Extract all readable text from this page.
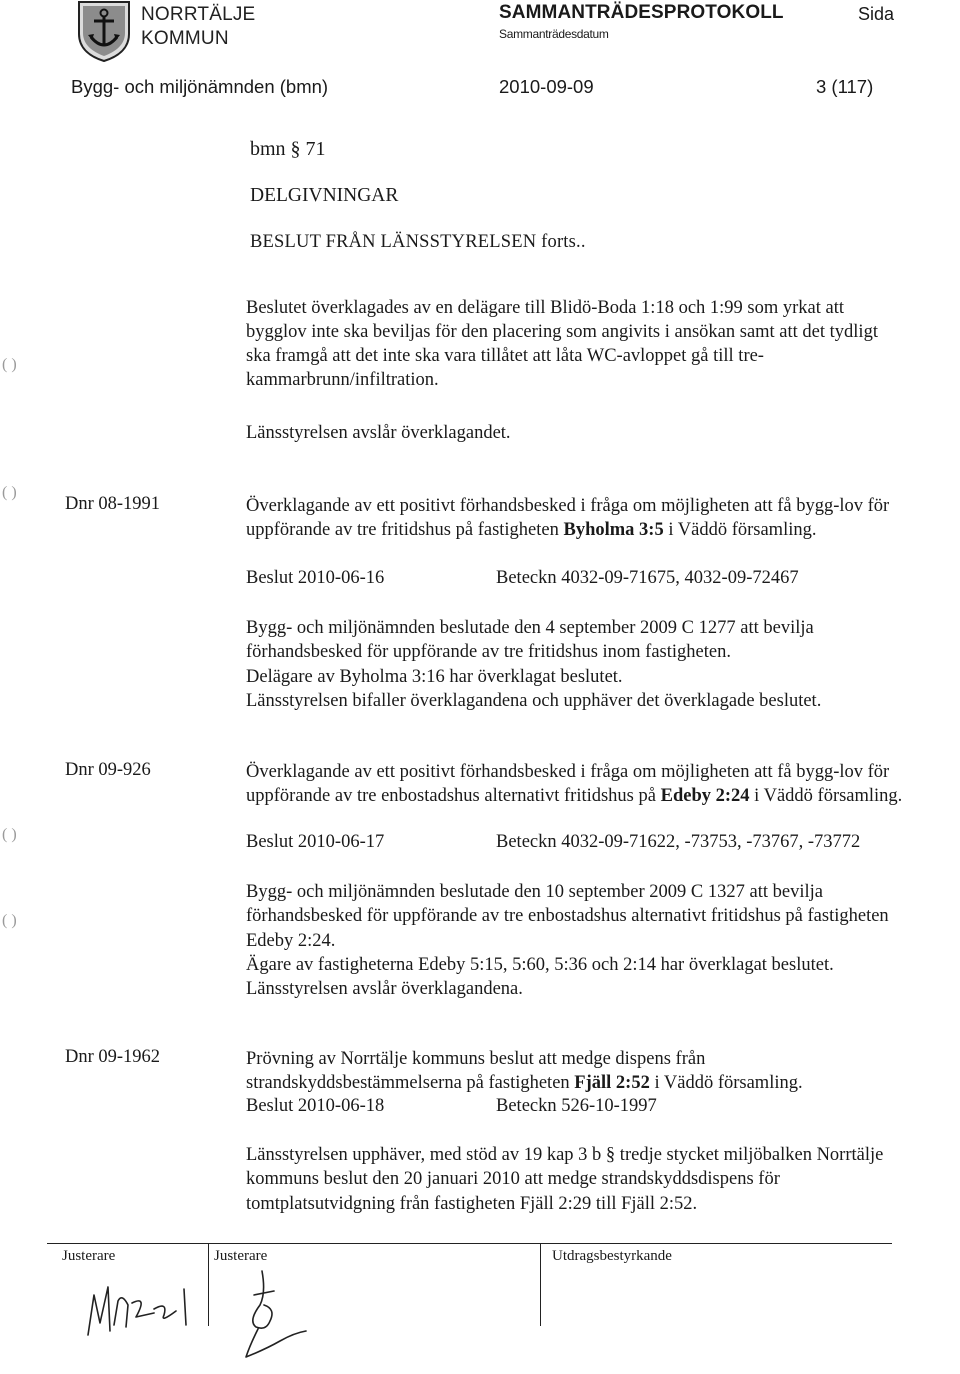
NORRTÄLJE
KOMMUN
SAMMANTRÄDESPROTOKOLL
Sammanträdesdatum
Sida
Bygg- och miljönämnden (bmn)	2010-09-09	3 (117)
bmn § 71
DELGIVNINGAR
BESLUT FRÅN LÄNSSTYRELSEN forts..
Beslutet överklagades av en delägare till Blidö-Boda 1:18 och 1:99 som yrkat att bygglov inte ska beviljas för den placering som angivits i ansökan samt att det tydligt ska framgå att det inte ska vara tillåtet att låta WC-avloppet gå till tre-kammarbrunn/infiltration.
Länsstyrelsen avslår överklagandet.
Dnr 08-1991	Överklagande av ett positivt förhandsbesked i fråga om möjligheten att få bygg-lov för uppförande av tre fritidshus på fastigheten Byholma 3:5 i Väddö församling.
Beslut 2010-06-16	Beteckn 4032-09-71675, 4032-09-72467
Bygg- och miljönämnden beslutade den 4 september 2009 C 1277 att bevilja förhandsbesked för uppförande av tre fritidshus inom fastigheten.
Delägare av Byholma 3:16 har överklagat beslutet.
Länsstyrelsen bifaller överklagandena och upphäver det överklagade beslutet.
Dnr 09-926	Överklagande av ett positivt förhandsbesked i fråga om möjligheten att få bygg-lov för uppförande av tre enbostadshus alternativt fritidshus på Edeby 2:24 i Väddö församling.
Beslut 2010-06-17	Beteckn 4032-09-71622, -73753, -73767, -73772
Bygg- och miljönämnden beslutade den 10 september 2009 C 1327 att bevilja förhandsbesked för uppförande av tre enbostadshus alternativt fritidshus på fastigheten Edeby 2:24.
Ägare av fastigheterna Edeby 5:15, 5:60, 5:36 och 2:14 har överklagat beslutet.
Länsstyrelsen avslår överklagandena.
Dnr 09-1962	Prövning av Norrtälje kommuns beslut att medge dispens från strandskyddsbestämmelserna på fastigheten Fjäll 2:52 i Väddö församling.
Beslut 2010-06-18	Beteckn 526-10-1997
Länsstyrelsen upphäver, med stöd av 19 kap 3 b § tredje stycket miljöbalken Norrtälje kommuns beslut den 20 januari 2010 att medge strandskyddsdispens för tomtplatsutvidgning från fastigheten Fjäll 2:29 till Fjäll 2:52.
( )
( )
( )
( )
Justerare	Justerare	Utdragsbestyrkande
